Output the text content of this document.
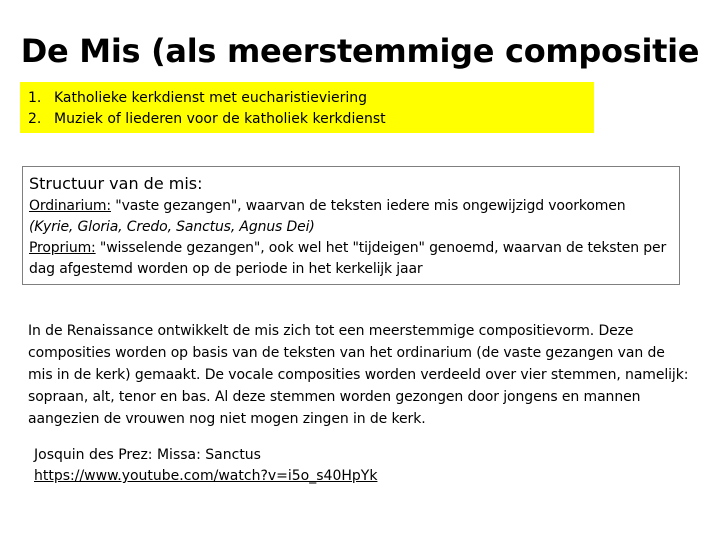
De Mis (als meerstemmige compositie
1. Katholieke kerkdienst met eucharistieviering
2. Muziek of liederen voor de katholiek kerkdienst
Structuur van de mis:

Ordinarium: "vaste gezangen", waarvan de teksten iedere mis ongewijzigd voorkomen (Kyrie, Gloria, Credo, Sanctus, Agnus Dei)

Proprium: "wisselende gezangen", ook wel het "tijdeigen" genoemd, waarvan de teksten per dag afgestemd worden op de periode in het kerkelijk jaar

In de Renaissance ontwikkelt de mis zich tot een meerstemmige compositievorm. Deze composities worden op basis van de teksten van het ordinarium (de vaste gezangen van de mis in de kerk) gemaakt. De vocale composities worden verdeeld over vier stemmen, namelijk: sopraan, alt, tenor en bas. Al deze stemmen worden gezongen door jongens en mannen aangezien de vrouwen nog niet mogen zingen in de kerk.

Josquin des Prez: Missa: Sanctus
https://www.youtube.com/watch?v=i5o_s40HpYk
